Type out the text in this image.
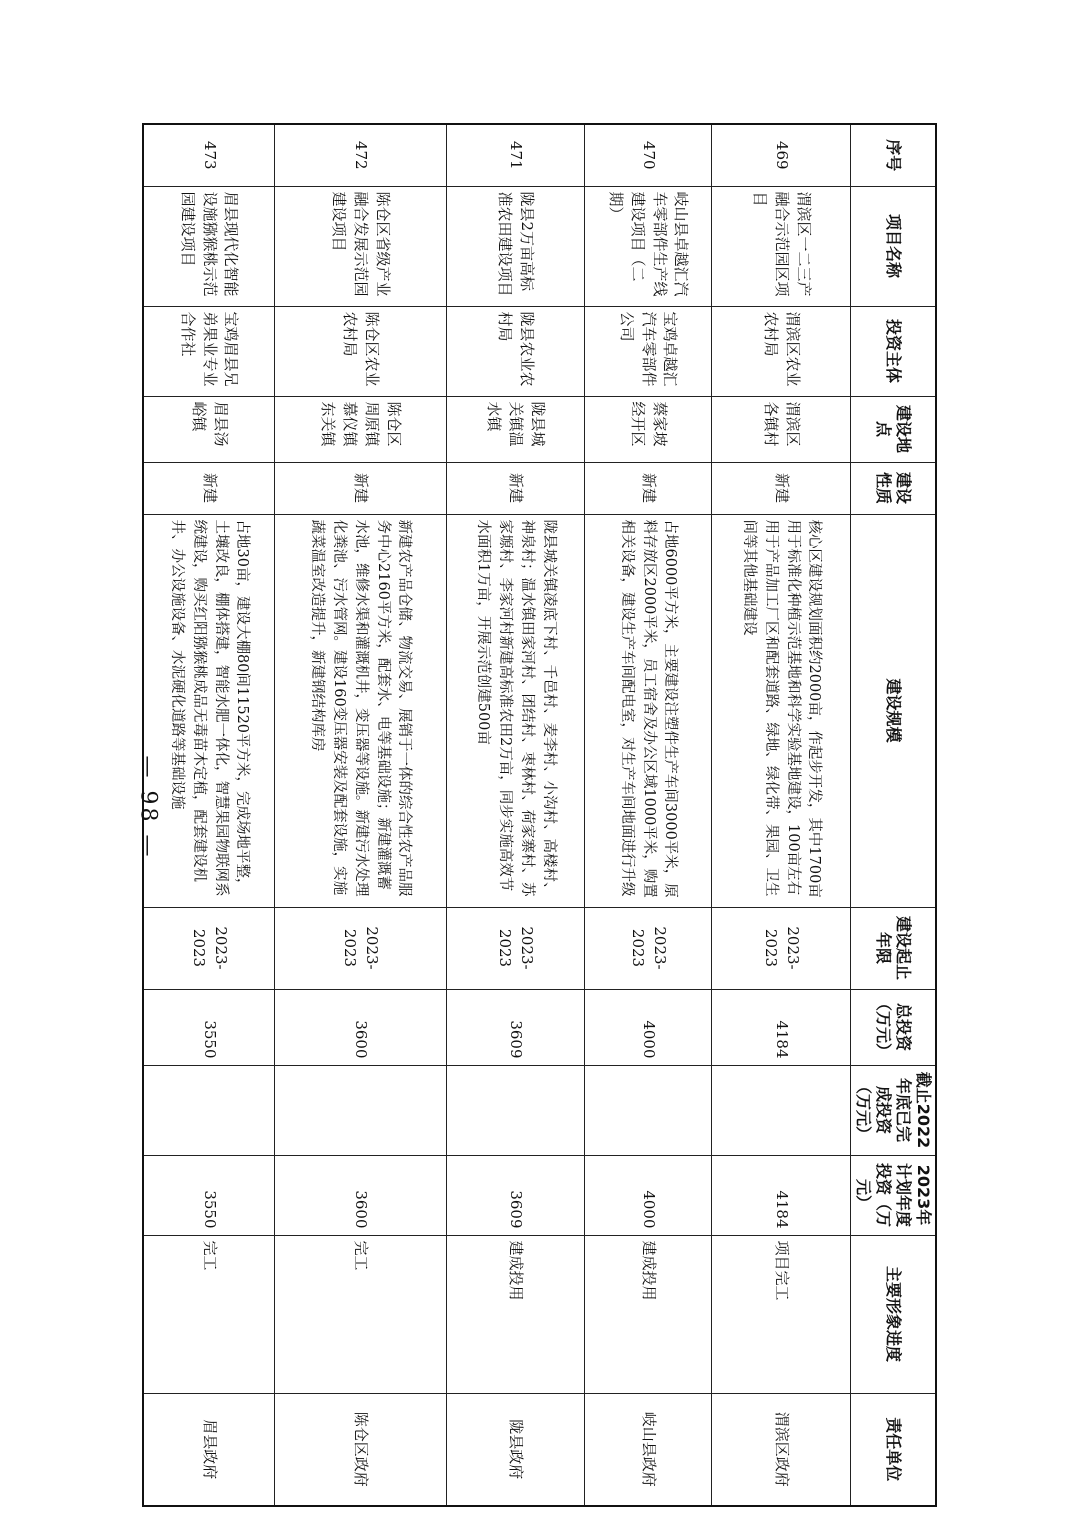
序号	项目名称	投资主体	建设地点	建设性质	建设规模	建设起止年限	总投资（万元）	截止2022年底已完成投资（万元）	2023年计划年度投资（万元）	主要形象进度	责任单位
469	渭滨区一二三产融合示范园区项目	渭滨区农业农村局	渭滨区各镇村	新建	核心区建设规划面积约2000亩，作起步开发，其中1700亩用于标准化种植示范基地和科学实验基地建设，100亩左右用于产品加工厂区和配套道路、绿地、绿化带、果园、卫生间等其他基础建设	2023-2023	4184		4184	项目完工	渭滨区政府
470	岐山县卓越汇汽车零部件生产线建设项目（二期）	宝鸡卓越汇汽车零部件公司	蔡家坡经开区	新建	占地6000平方米，主要建设注塑件生产车间3000平米，原料存放区2000平米，员工宿舍及办公区域1000平米，购置相关设备，建设生产车间配电室，对生产车间地面进行升级	2023-2023	4000		4000	建成投用	岐山县政府
471	陇县2万亩高标准农田建设项目	陇县农业农村局	陇县城关镇温水镇	新建	陇县城关镇凌底下村、千邑村、麦李村、小沟村、高楼村、神泉村；温水镇田家河村、团结村、枣林村、荷家寨村、苏家塬村、李家河村新建高标准农田2万亩，同步实施高效节水面积1万亩，开展示范创建500亩	2023-2023	3609		3609	建成投用	陇县政府
472	陈仓区省级产业融合发展示范园建设项目	陈仓区农业农村局	陈仓区周原镇慕仪镇东关镇	新建	新建农产品仓储、物流交易、展销于一体的综合性农产品服务中心2160平方米，配套水、电等基础设施；新建灌溉蓄水池，维修水渠和灌溉机井，变压器等设施。新建污水处理化粪池、污水管网。建设160变压器安装及配套设施，实施蔬菜温室改造提升，新建钢结构库房	2023-2023	3600		3600	完工	陈仓区政府
473	眉县现代化智能设施猕猴桃示范园建设项目	宝鸡眉县兄弟果业专业合作社	眉县汤峪镇	新建	占地30亩，建设大棚80间11520平方米，完成场地平整，土壤改良，棚体搭建，智能水肥一体化，智慧果园物联网系统建设，购买红阳猕猴桃成品无毒苗木定植，配套建设机井、办公设施设备、水泥硬化道路等基础设施	2023-2023	3550		3550	完工	眉县政府
— 98 —
